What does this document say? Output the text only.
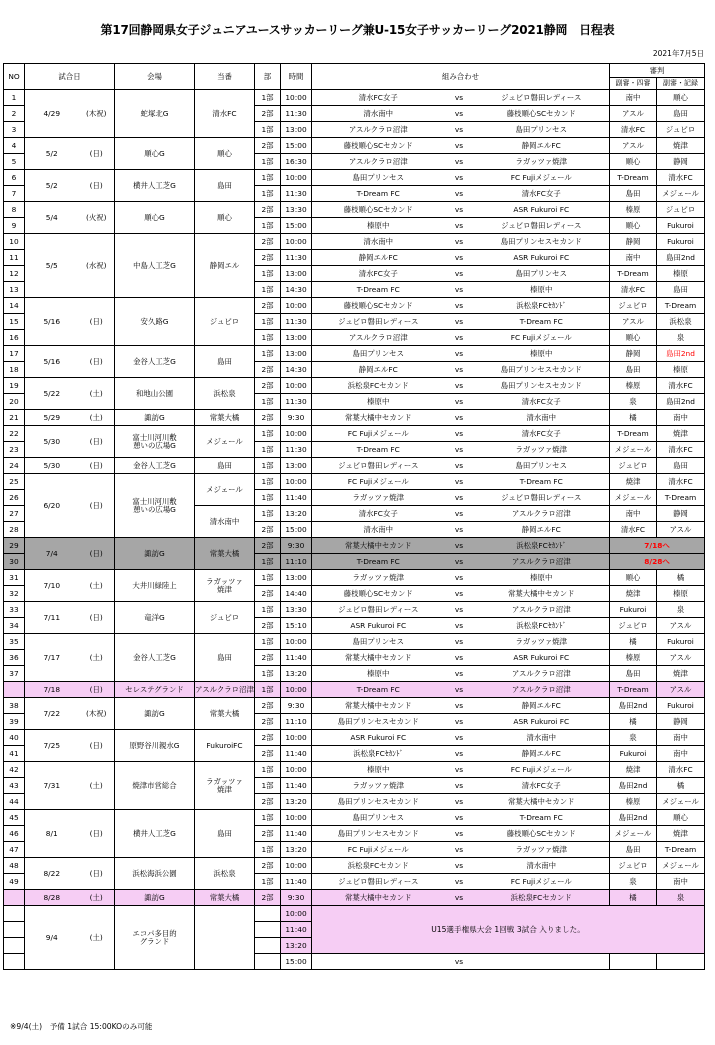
第17回静岡県女子ジュニアユースサッカーリーグ兼U-15女子サッカーリーグ2021静岡　日程表
2021年7月5日
NO	試合日		会場	当番	部	時間	組み合わせ			審判	
										副審・四審	副審・記録
1	4/29	(木祝)	蛇塚北G	清水FC	1部	10:00	清水FC女子	vs	ジュビロ磐田レディース	南中	順心
2					2部	11:30	清水南中	vs	藤枝順心SCセカンド	アスル	島田
3					1部	13:00	アスルクラロ沼津	vs	島田プリンセス	清水FC	ジュビロ
4	5/2	(日)	順心G	順心	2部	15:00	藤枝順心SCセカンド	vs	静岡エルFC	アスル	焼津
5					1部	16:30	アスルクラロ沼津	vs	ラガッツァ焼津	順心	静岡
6	5/2	(日)	横井人工芝G	島田	1部	10:00	島田プリンセス	vs	FC Fujiメジェール	T-Dream	清水FC
7					1部	11:30	T-Dream FC	vs	清水FC女子	島田	メジェール
8	5/4	(火祝)	順心G	順心	2部	13:30	藤枝順心SCセカンド	vs	ASR Fukuroi FC	榛原	ジュビロ
9					1部	15:00	榛原中	vs	ジュビロ磐田レディース	順心	Fukuroi
10	5/5	(水祝)	中島人工芝G	静岡エル	2部	10:00	清水南中	vs	島田プリンセスセカンド	静岡	Fukuroi
11					2部	11:30	静岡エルFC	vs	ASR Fukuroi FC	南中	島田2nd
12					1部	13:00	清水FC女子	vs	島田プリンセス	T-Dream	榛原
13					1部	14:30	T-Dream FC	vs	榛原中	清水FC	島田
14	5/16	(日)	安久路G	ジュビロ	2部	10:00	藤枝順心SCセカンド	vs	浜松泉FCｾｶﾝﾄﾞ	ジュビロ	T-Dream
15					1部	11:30	ジュビロ磐田レディース	vs	T-Dream FC	アスル	浜松泉
16					1部	13:00	アスルクラロ沼津	vs	FC Fujiメジェール	順心	泉
17	5/16	(日)	金谷人工芝G	島田	1部	13:00	島田プリンセス	vs	榛原中	静岡	島田2nd
18					2部	14:30	静岡エルFC	vs	島田プリンセスセカンド	島田	榛原
19	5/22	(土)	和地山公園	浜松泉	2部	10:00	浜松泉FCセカンド	vs	島田プリンセスセカンド	榛原	清水FC
20					1部	11:30	榛原中	vs	清水FC女子	泉	島田2nd
21	5/29	(土)	諏訪G	常葉大橘	2部	9:30	常葉大橘中セカンド	vs	清水南中	橘	南中
22	5/30	(日)	富士川河川敷
憩いの広場G	メジェール	1部	10:00	FC Fujiメジェール	vs	清水FC女子	T-Dream	焼津
23					1部	11:30	T-Dream FC	vs	ラガッツァ焼津	メジェール	清水FC
24	5/30	(日)	金谷人工芝G	島田	1部	13:00	ジュビロ磐田レディース	vs	島田プリンセス	ジュビロ	島田
25	6/20	(日)	富士川河川敷
憩いの広場G	メジェール	1部	10:00	FC Fujiメジェール	vs	T-Dream FC	焼津	清水FC
26					1部	11:40	ラガッツァ焼津	vs	ジュビロ磐田レディース	メジェール	T-Dream
27				清水南中	1部	13:20	清水FC女子	vs	アスルクラロ沼津	南中	静岡
28					2部	15:00	清水南中	vs	静岡エルFC	清水FC	アスル
29	7/4	(日)	諏訪G	常葉大橘	2部	9:30	常葉大橘中セカンド	vs	浜松泉FCｾｶﾝﾄﾞ	7/18へ	
30					1部	11:10	T-Dream FC	vs	アスルクラロ沼津	8/28へ	
31	7/10	(土)	大井川緑陸上	ラガッツァ
焼津	1部	13:00	ラガッツァ焼津	vs	榛原中	順心	橘
32					2部	14:40	藤枝順心SCセカンド	vs	常葉大橘中セカンド	焼津	榛原
33	7/11	(日)	竜洋G	ジュビロ	1部	13:30	ジュビロ磐田レディース	vs	アスルクラロ沼津	Fukuroi	泉
34					2部	15:10	ASR Fukuroi FC	vs	浜松泉FCｾｶﾝﾄﾞ	ジュビロ	アスル
35	7/17	(土)	金谷人工芝G	島田	1部	10:00	島田プリンセス	vs	ラガッツァ焼津	橘	Fukuroi
36					2部	11:40	常葉大橘中セカンド	vs	ASR Fukuroi FC	榛原	アスル
37					1部	13:20	榛原中	vs	アスルクラロ沼津	島田	焼津
	7/18	(日)	セレステグランド	アスルクラロ沼津	1部	10:00	T-Dream FC	vs	アスルクラロ沼津	T-Dream	アスル
38	7/22	(木祝)	諏訪G	常葉大橘	2部	9:30	常葉大橘中セカンド	vs	静岡エルFC	島田2nd	Fukuroi
39					2部	11:10	島田プリンセスセカンド	vs	ASR Fukuroi FC	橘	静岡
40	7/25	(日)	原野谷川親水G	FukuroiFC	2部	10:00	ASR Fukuroi FC	vs	清水南中	泉	南中
41					2部	11:40	浜松泉FCｾｶﾝﾄﾞ	vs	静岡エルFC	Fukuroi	南中
42	7/31	(土)	焼津市営総合	ラガッツァ
焼津	1部	10:00	榛原中	vs	FC Fujiメジェール	焼津	清水FC
43					1部	11:40	ラガッツァ焼津	vs	清水FC女子	島田2nd	橘
44					2部	13:20	島田プリンセスセカンド	vs	常葉大橘中セカンド	榛原	メジェール
45	8/1	(日)	横井人工芝G	島田	1部	10:00	島田プリンセス	vs	T-Dream FC	島田2nd	順心
46					2部	11:40	島田プリンセスセカンド	vs	藤枝順心SCセカンド	メジェール	焼津
47					1部	13:20	FC Fujiメジェール	vs	ラガッツァ焼津	島田	T-Dream
48	8/22	(日)	浜松海浜公園	浜松泉	2部	10:00	浜松泉FCセカンド	vs	清水南中	ジュビロ	メジェール
49					1部	11:40	ジュビロ磐田レディース	vs	FC Fujiメジェール	泉	南中
	8/28	(土)	諏訪G	常葉大橘	2部	9:30	常葉大橘中セカンド	vs	浜松泉FCセカンド	橘	泉
	9/4	(土)	エコパ多目的
グランド			10:00	U15選手権県大会 1回戦 3試合 入りました。				
						11:40					
						13:20					
						15:00		vs			
※9/4(土)　予備 1試合 15:00KOのみ可能
